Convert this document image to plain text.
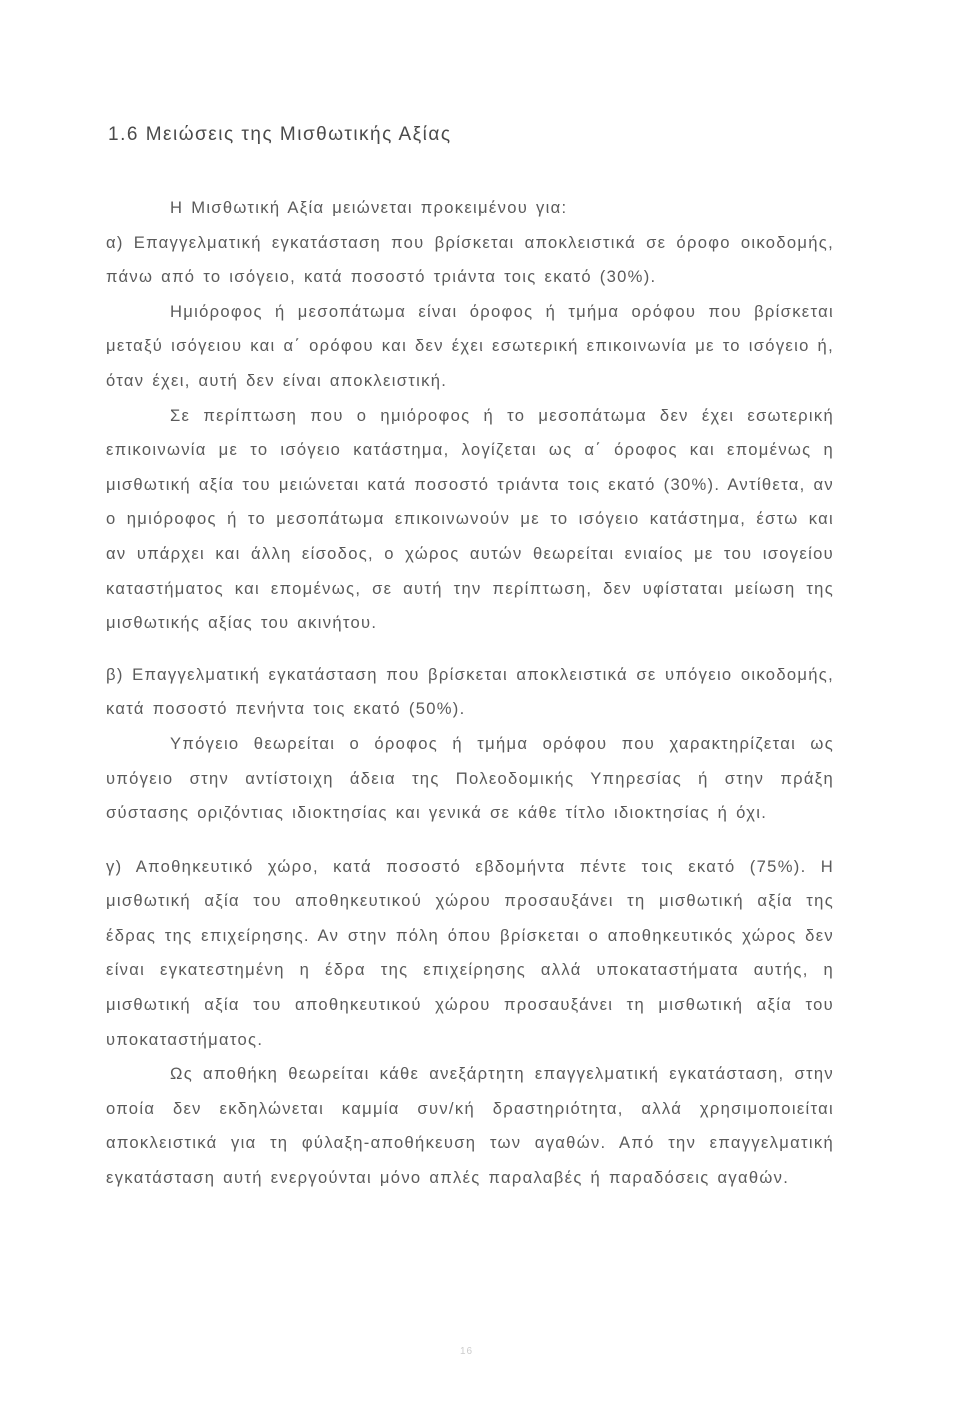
1.6 Μειώσεις της Μισθωτικής Αξίας

Η Μισθωτική Αξία μειώνεται προκειμένου για:

α) Επαγγελματική εγκατάσταση που βρίσκεται αποκλειστικά σε όροφο οικοδομής, πάνω από το ισόγειο, κατά ποσοστό τριάντα τοις εκατό (30%).

Ημιόροφος ή μεσοπάτωμα είναι όροφος ή τμήμα ορόφου που βρίσκεται μεταξύ ισόγειου και α΄ ορόφου και δεν έχει εσωτερική επικοινωνία με το ισόγειο ή, όταν έχει, αυτή δεν είναι αποκλειστική.

Σε περίπτωση που ο ημιόροφος ή το μεσοπάτωμα δεν έχει εσωτερική επικοινωνία με το ισόγειο κατάστημα, λογίζεται ως α΄ όροφος και επομένως η μισθωτική αξία του μειώνεται κατά ποσοστό τριάντα τοις εκατό (30%). Αντίθετα, αν ο ημιόροφος ή το μεσοπάτωμα επικοινωνούν με το ισόγειο κατάστημα, έστω και αν υπάρχει και άλλη είσοδος, ο χώρος αυτών θεωρείται ενιαίος με του ισογείου καταστήματος και επομένως, σε αυτή την περίπτωση, δεν υφίσταται μείωση της μισθωτικής αξίας του ακινήτου.

β) Επαγγελματική εγκατάσταση που βρίσκεται αποκλειστικά σε υπόγειο οικοδομής, κατά ποσοστό πενήντα τοις εκατό (50%).

Υπόγειο θεωρείται ο όροφος ή τμήμα ορόφου που χαρακτηρίζεται ως υπόγειο στην αντίστοιχη άδεια της Πολεοδομικής Υπηρεσίας ή στην πράξη σύστασης οριζόντιας ιδιοκτησίας και γενικά σε κάθε τίτλο ιδιοκτησίας ή όχι.

γ) Αποθηκευτικό χώρο, κατά ποσοστό εβδομήντα πέντε τοις εκατό (75%). Η μισθωτική αξία του αποθηκευτικού χώρου προσαυξάνει τη μισθωτική αξία της έδρας της επιχείρησης. Αν στην πόλη όπου βρίσκεται ο αποθηκευτικός χώρος δεν είναι εγκατεστημένη η έδρα της επιχείρησης αλλά υποκαταστήματα αυτής, η μισθωτική αξία του αποθηκευτικού χώρου προσαυξάνει τη μισθωτική αξία του υποκαταστήματος.

Ως αποθήκη θεωρείται κάθε ανεξάρτητη επαγγελματική εγκατάσταση, στην οποία δεν εκδηλώνεται καμμία συν/κή δραστηριότητα, αλλά χρησιμοποιείται αποκλειστικά για τη φύλαξη-αποθήκευση των αγαθών. Από την επαγγελματική εγκατάσταση αυτή ενεργούνται μόνο απλές παραλαβές ή παραδόσεις αγαθών.

16
